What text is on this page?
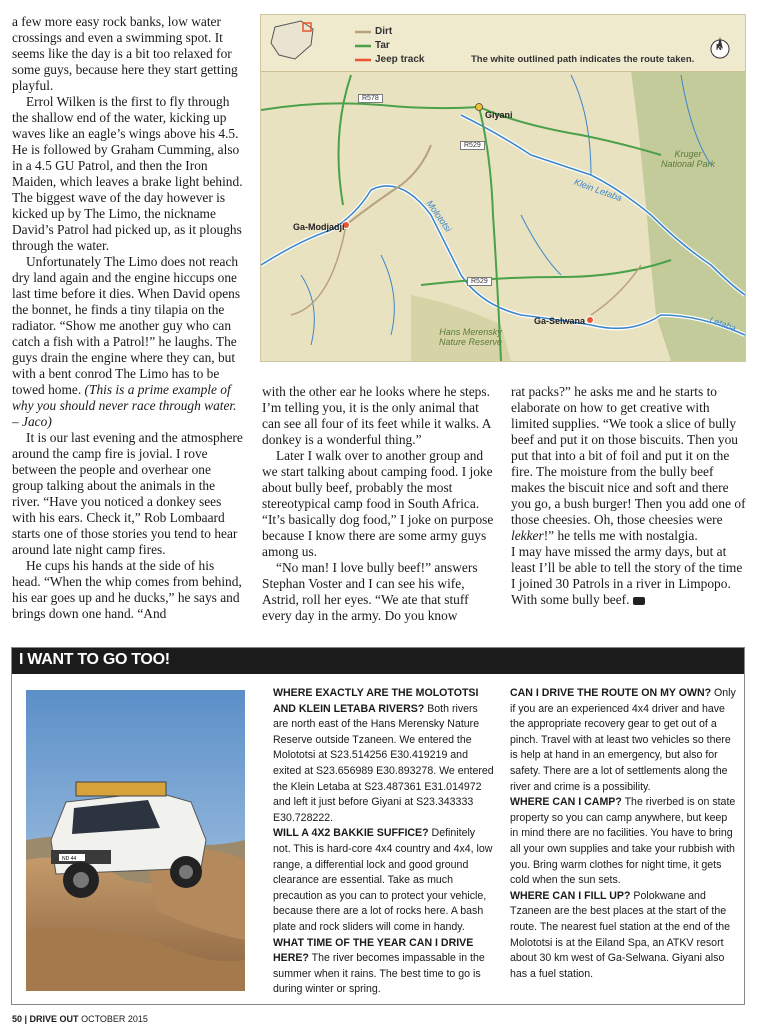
a few more easy rock banks, low water crossings and even a swimming spot. It seems like the day is a bit too relaxed for some guys, because here they start getting playful.

Errol Wilken is the first to fly through the shallow end of the water, kicking up waves like an eagle’s wings above his 4.5. He is followed by Graham Cumming, also in a 4.5 GU Patrol, and then the Iron Maiden, which leaves a brake light behind. The biggest wave of the day however is kicked up by The Limo, the nickname David’s Patrol had picked up, as it ploughs through the water.

Unfortunately The Limo does not reach dry land again and the engine hiccups one last time before it dies. When David opens the bonnet, he finds a tiny tilapia on the radiator. “Show me another guy who can catch a fish with a Patrol!” he laughs. The guys drain the engine where they can, but with a bent conrod The Limo has to be towed home. (This is a prime example of why you should never race through water. – Jaco)

It is our last evening and the atmosphere around the camp fire is jovial. I rove between the people and overhear one group talking about the animals in the river. “Have you noticed a donkey sees with his ears. Check it,” Rob Lombaard starts one of those stories you tend to hear around late night camp fires.

He cups his hands at the side of his head. “When the whip comes from behind, his ear goes up and he ducks,” he says and brings down one hand. “And

Dirt
Tar
Jeep track	The white outlined path indicates the route taken.
N
R578
R529
R529
Giyani
Kruger
National Park
Klein Letaba
Molototsi
Ga-Modjadji
Ga-Selwana	Letaba
Hans Merensky
Nature Reserve

with the other ear he looks where he steps. I’m telling you, it is the only animal that can see all four of its feet while it walks. A donkey is a wonderful thing.”

Later I walk over to another group and we start talking about camping food. I joke about bully beef, probably the most stereotypical camp food in South Africa. “It’s basically dog food,” I joke on purpose because I know there are some army guys among us.

“No man! I love bully beef!” answers Stephan Voster and I can see his wife, Astrid, roll her eyes. “We ate that stuff every day in the army. Do you know

rat packs?” he asks me and he starts to elaborate on how to get creative with limited supplies. “We took a slice of bully beef and put it on those biscuits. Then you put that into a bit of foil and put it on the fire. The moisture from the bully beef makes the biscuit nice and soft and there you go, a bush burger! Then you add one of those cheesies. Oh, those cheesies were lekker!” he tells me with nostalgia.

I may have missed the army days, but at least I’ll be able to tell the story of the time I joined 30 Patrols in a river in Limpopo. With some bully beef.

I WANT TO GO TOO!
ND 44

WHERE EXACTLY ARE THE MOLOTOTSI AND KLEIN LETABA RIVERS? Both rivers are north east of the Hans Merensky Nature Reserve outside Tzaneen. We entered the Molototsi at S23.514256 E30.419219 and exited at S23.656989 E30.893278. We entered the Klein Letaba at S23.487361 E31.014972 and left it just before Giyani at S23.343333 E30.728222.

WILL A 4X2 BAKKIE SUFFICE? Definitely not. This is hard-core 4x4 country and 4x4, low range, a differential lock and good ground clearance are essential. Take as much precaution as you can to protect your vehicle, because there are a lot of rocks here. A bash plate and rock sliders will come in handy.

WHAT TIME OF THE YEAR CAN I DRIVE HERE? The river becomes impassable in the summer when it rains. The best time to go is during winter or spring.

CAN I DRIVE THE ROUTE ON MY OWN? Only if you are an experienced 4x4 driver and have the appropriate recovery gear to get out of a pinch. Travel with at least two vehicles so there is help at hand in an emergency, but also for safety. There are a lot of settlements along the river and crime is a possibility.

WHERE CAN I CAMP? The riverbed is on state property so you can camp anywhere, but keep in mind there are no facilities. You have to bring all your own supplies and take your rubbish with you. Bring warm clothes for night time, it gets cold when the sun sets.

WHERE CAN I FILL UP? Polokwane and Tzaneen are the best places at the start of the route. The nearest fuel station at the end of the Molototsi is at the Eiland Spa, an ATKV resort about 30 km west of Ga-Selwana. Giyani also has a fuel station.

50 | DRIVE OUT OCTOBER 2015
